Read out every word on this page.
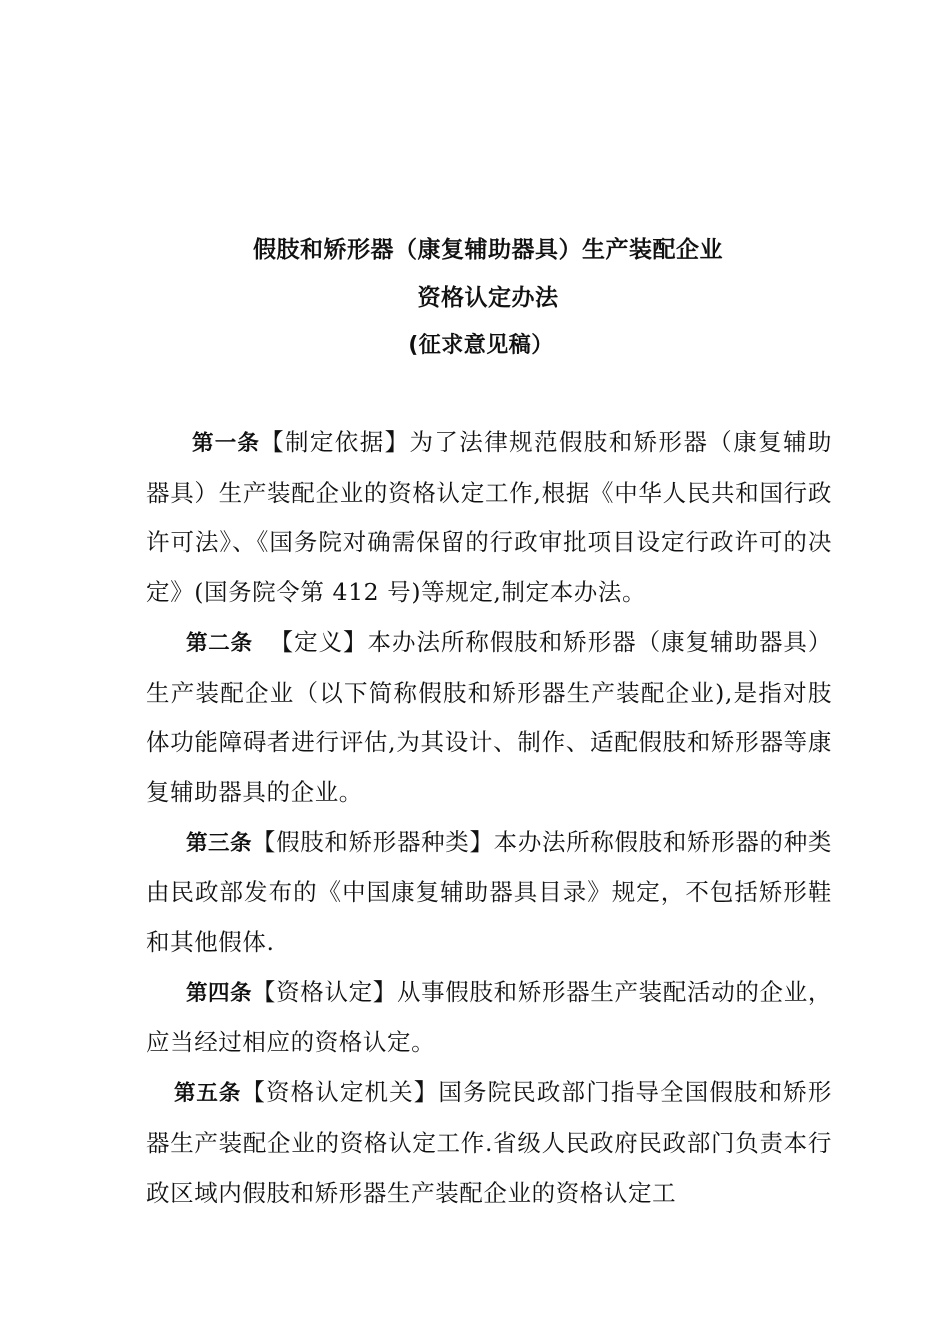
假肢和矫形器（康复辅助器具）生产装配企业
资格认定办法
(征求意见稿）

第一条【制定依据】为了法律规范假肢和矫形器（康复辅助器具）生产装配企业的资格认定工作,根据《中华人民共和国行政许可法》、《国务院对确需保留的行政审批项目设定行政许可的决定》(国务院令第 412 号)等规定,制定本办法。

第二条  【定义】本办法所称假肢和矫形器（康复辅助器具）生产装配企业（以下简称假肢和矫形器生产装配企业),是指对肢体功能障碍者进行评估,为其设计、制作、适配假肢和矫形器等康复辅助器具的企业。

第三条【假肢和矫形器种类】本办法所称假肢和矫形器的种类由民政部发布的《中国康复辅助器具目录》规定，不包括矫形鞋和其他假体.

第四条【资格认定】从事假肢和矫形器生产装配活动的企业，应当经过相应的资格认定。

第五条【资格认定机关】国务院民政部门指导全国假肢和矫形器生产装配企业的资格认定工作.省级人民政府民政部门负责本行政区域内假肢和矫形器生产装配企业的资格认定工
